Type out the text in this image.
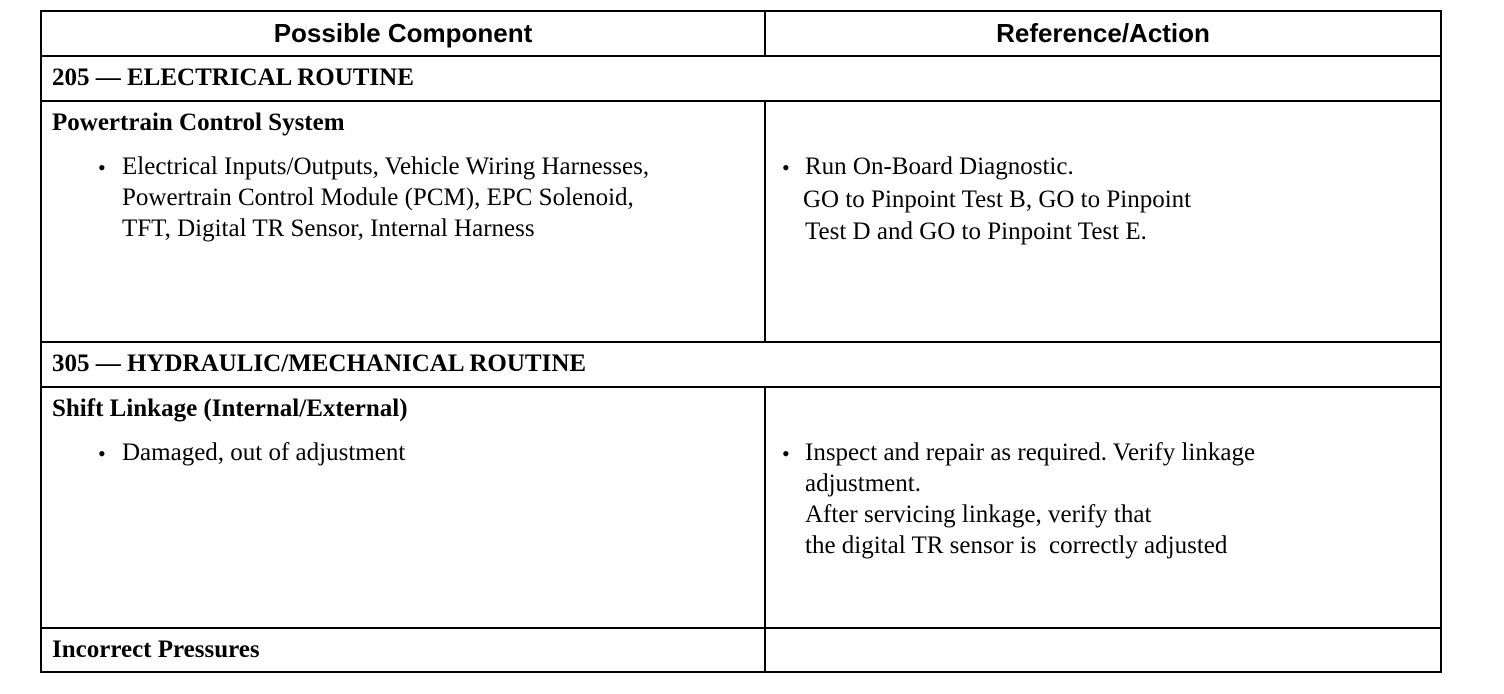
Possible Component	Reference/Action
205 — ELECTRICAL ROUTINE
Powertrain Control System
• Electrical Inputs/Outputs, Vehicle Wiring Harnesses,
Powertrain Control Module (PCM), EPC Solenoid,
TFT, Digital TR Sensor, Internal Harness
• Run On-Board Diagnostic.
GO to Pinpoint Test B, GO to Pinpoint
Test D and GO to Pinpoint Test E.
305 — HYDRAULIC/MECHANICAL ROUTINE
Shift Linkage (Internal/External)
• Damaged, out of adjustment	• Inspect and repair as required. Verify linkage
adjustment.
After servicing linkage, verify that
the digital TR sensor is  correctly adjusted
Incorrect Pressures
